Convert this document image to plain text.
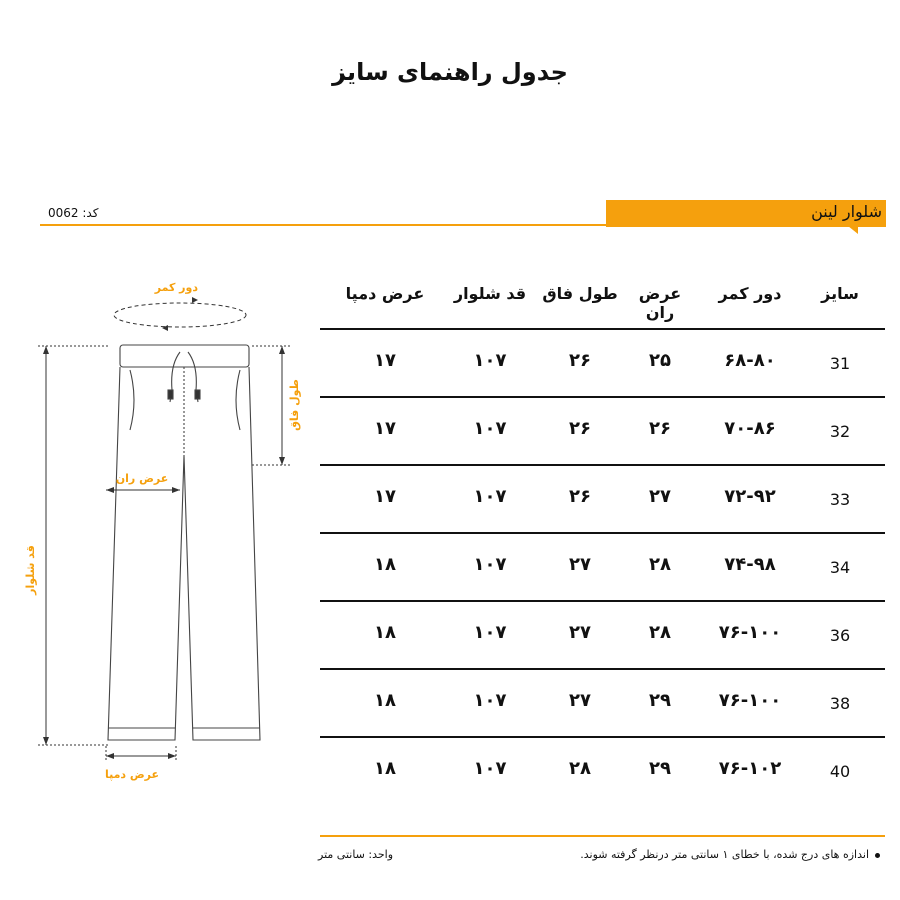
جدول راهنمای سایز
شلوار لینن
کد: 0062
دور کمر
قد شلوار
طول فاق
عرض ران
عرض دمپا
سایز
دور کمر
عرض ران
طول فاق
قد شلوار
عرض دمپا
31
۶۸-۸۰
۲۵
۲۶
۱۰۷
۱۷
32
۷۰-۸۶
۲۶
۲۶
۱۰۷
۱۷
33
۷۲-۹۲
۲۷
۲۶
۱۰۷
۱۷
34
۷۴-۹۸
۲۸
۲۷
۱۰۷
۱۸
36
۷۶-۱۰۰
۲۸
۲۷
۱۰۷
۱۸
38
۷۶-۱۰۰
۲۹
۲۷
۱۰۷
۱۸
40
۷۶-۱۰۲
۲۹
۲۸
۱۰۷
۱۸
اندازه های درج شده، با خطای ۱ سانتی متر درنظر گرفته شوند.
واحد: سانتی متر
